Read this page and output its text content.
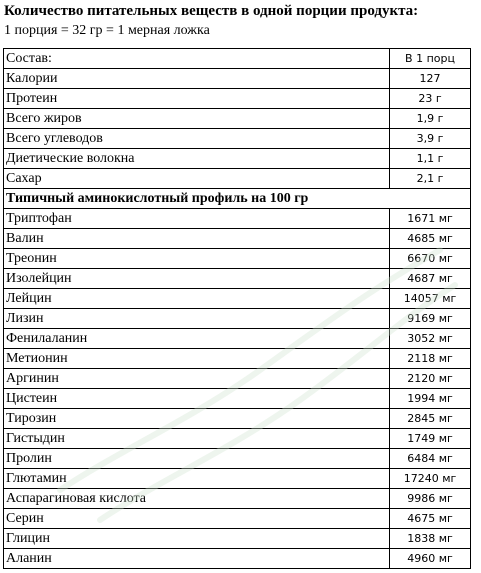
Количество питательных веществ в одной порции продукта:
1 порция = 32 гр = 1 мерная ложка
Состав:	В 1 порц
Калории	127
Протеин	23 г
Всего жиров	1,9 г
Всего углеводов	3,9 г
Диетические волокна	1,1 г
Сахар	2,1 г
Типичный аминокислотный профиль на 100 гр	
Триптофан	1671 мг
Валин	4685 мг
Треонин	6670 мг
Изолейцин	4687 мг
Лейцин	14057 мг
Лизин	9169 мг
Фенилаланин	3052 мг
Метионин	2118 мг
Аргинин	2120 мг
Цистеин	1994 мг
Тирозин	2845 мг
Гистыдин	1749 мг
Пролин	6484 мг
Глютамин	17240 мг
Аспарагиновая кислота	9986 мг
Серин	4675 мг
Глицин	1838 мг
Аланин	4960 мг
